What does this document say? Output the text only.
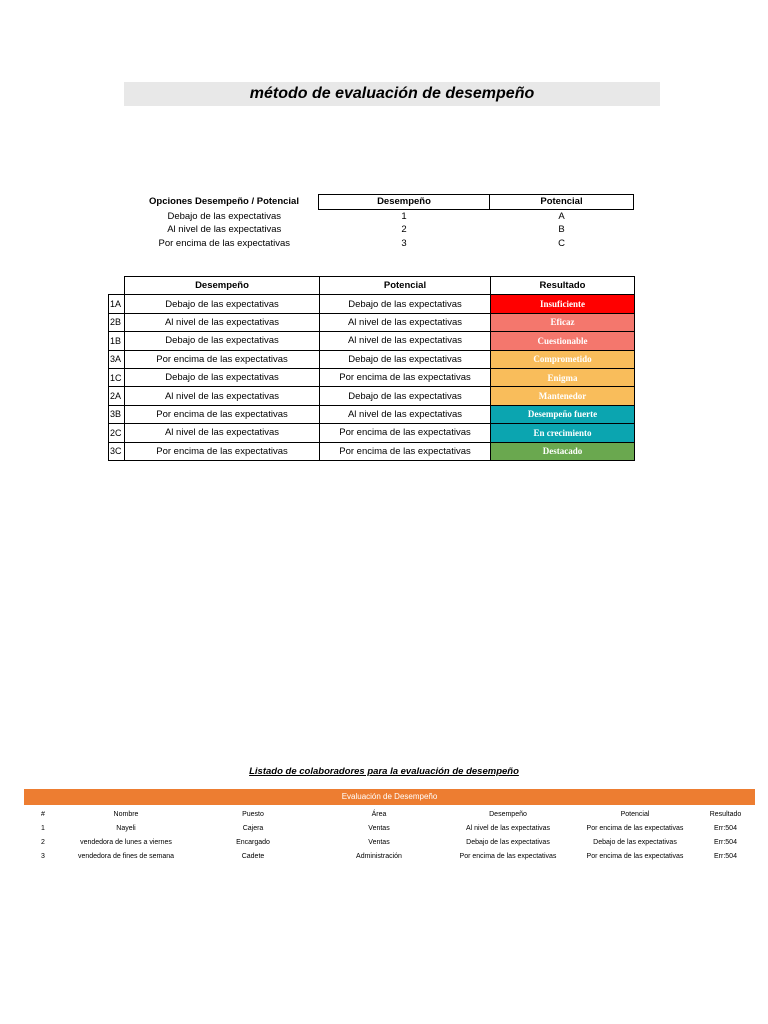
método de evaluación de desempeño
Opciones Desempeño / Potencial	Desempeño	Potencial
Debajo de las expectativas	1	A
Al nivel de las expectativas	2	B
Por encima de las expectativas	3	C
	Desempeño	Potencial	Resultado
1A	Debajo de las expectativas	Debajo de las expectativas	Insuficiente
2B	Al nivel de las expectativas	Al nivel de las expectativas	Eficaz
1B	Debajo de las expectativas	Al nivel de las expectativas	Cuestionable
3A	Por encima de las expectativas	Debajo de las expectativas	Comprometido
1C	Debajo de las expectativas	Por encima de las expectativas	Enigma
2A	Al nivel de las expectativas	Debajo de las expectativas	Mantenedor
3B	Por encima de las expectativas	Al nivel de las expectativas	Desempeño fuerte
2C	Al nivel de las expectativas	Por encima de las expectativas	En crecimiento
3C	Por encima de las expectativas	Por encima de las expectativas	Destacado
Listado de colaboradores para la evaluación de desempeño
Evaluación de Desempeño
#	Nombre	Puesto	Área	Desempeño	Potencial	Resultado
1	Nayeli	Cajera	Ventas	Al nivel de las expectativas	Por encima de las expectativas	Err:504
2	vendedora de lunes a viernes	Encargado	Ventas	Debajo de las expectativas	Debajo de las expectativas	Err:504
3	vendedora de fines de semana	Cadete	Administración	Por encima de las expectativas	Por encima de las expectativas	Err:504
